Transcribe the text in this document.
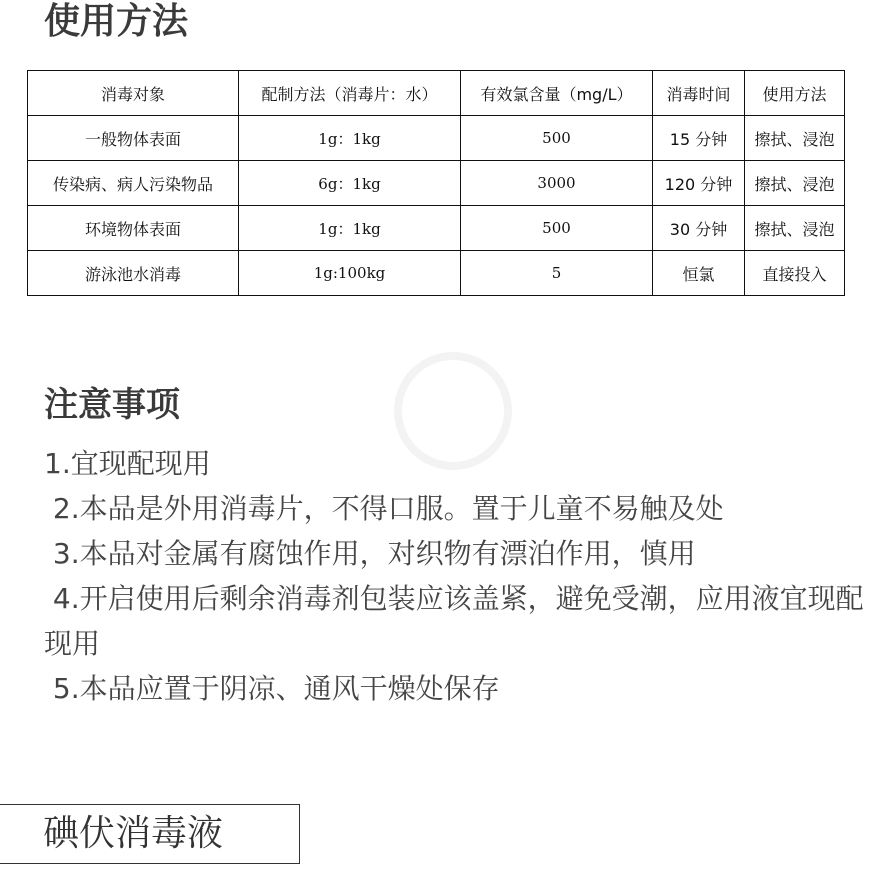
使用方法
消毒对象	配制方法（消毒片：水）	有效氯含量（mg/L）	消毒时间	使用方法
一般物体表面	1g：1kg	500	15 分钟	擦拭、浸泡
传染病、病人污染物品	6g：1kg	3000	120 分钟	擦拭、浸泡
环境物体表面	1g：1kg	500	30 分钟	擦拭、浸泡
游泳池水消毒	1g:100kg	5	恒氯	直接投入
注意事项

1.宜现配现用

2.本品是外用消毒片，不得口服。置于儿童不易触及处

3.本品对金属有腐蚀作用，对织物有漂泊作用，慎用

4.开启使用后剩余消毒剂包装应该盖紧，避免受潮，应用液宜现配现用

5.本品应置于阴凉、通风干燥处保存

碘伏消毒液
